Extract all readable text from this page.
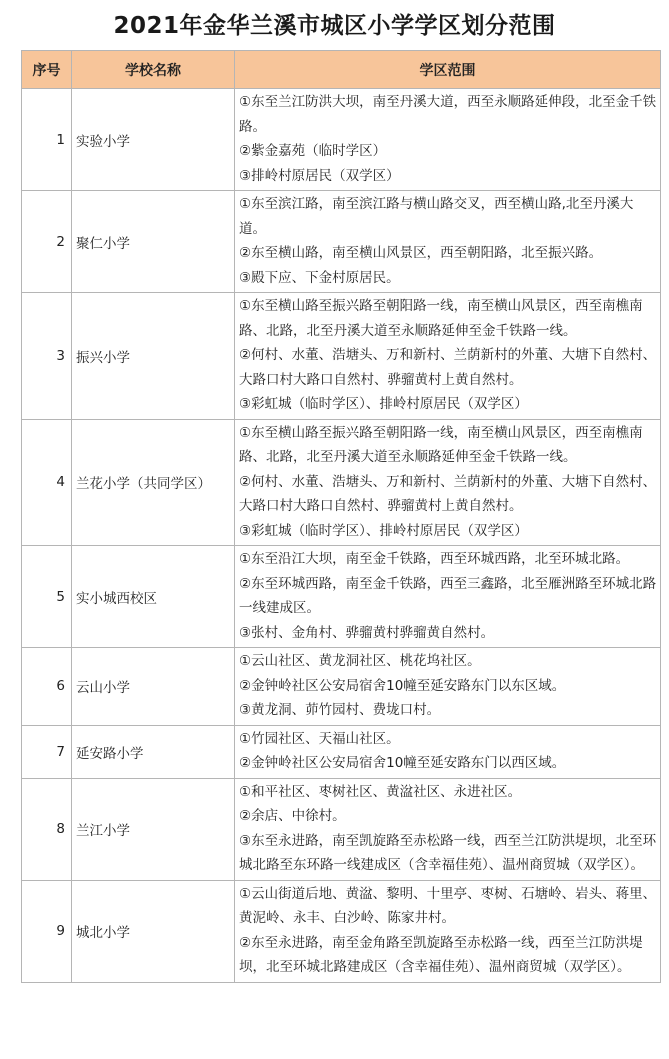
2021年金华兰溪市城区小学学区划分范围
序号	学校名称	学区范围
1	实验小学	①东至兰江防洪大坝，南至丹溪大道，西至永顺路延伸段，北至金千铁路。
②紫金嘉苑（临时学区）
③排岭村原居民（双学区）

2	聚仁小学	①东至滨江路，南至滨江路与横山路交叉，西至横山路,北至丹溪大道。
②东至横山路，南至横山风景区，西至朝阳路，北至振兴路。
③殿下应、下金村原居民。

3	振兴小学	①东至横山路至振兴路至朝阳路一线，南至横山风景区，西至南樵南路、北路，北至丹溪大道至永顺路延伸至金千铁路一线。
②何村、水董、浩塘头、万和新村、兰荫新村的外董、大塘下自然村、大路口村大路口自然村、骅骝黄村上黄自然村。
③彩虹城（临时学区）、排岭村原居民（双学区）

4	兰花小学（共同学区）	①东至横山路至振兴路至朝阳路一线，南至横山风景区，西至南樵南路、北路，北至丹溪大道至永顺路延伸至金千铁路一线。
②何村、水董、浩塘头、万和新村、兰荫新村的外董、大塘下自然村、大路口村大路口自然村、骅骝黄村上黄自然村。
③彩虹城（临时学区）、排岭村原居民（双学区）

5	实小城西校区	①东至沿江大坝，南至金千铁路，西至环城西路，北至环城北路。
②东至环城西路，南至金千铁路，西至三鑫路，北至雁洲路至环城北路一线建成区。
③张村、金角村、骅骝黄村骅骝黄自然村。

6	云山小学	①云山社区、黄龙洞社区、桃花坞社区。
②金钟岭社区公安局宿舍10幢至延安路东门以东区域。
③黄龙洞、茆竹园村、费垅口村。

7	延安路小学	①竹园社区、天福山社区。
②金钟岭社区公安局宿舍10幢至延安路东门以西区域。

8	兰江小学	①和平社区、枣树社区、黄湓社区、永进社区。
②余店、中徐村。
③东至永进路，南至凯旋路至赤松路一线，西至兰江防洪堤坝，北至环城北路至东环路一线建成区（含幸福佳苑）、温州商贸城（双学区）。

9	城北小学	①云山街道后地、黄湓、黎明、十里亭、枣树、石塘岭、岩头、蒋里、黄泥岭、永丰、白沙岭、陈家井村。
②东至永进路，南至金角路至凯旋路至赤松路一线，西至兰江防洪堤坝，北至环城北路建成区（含幸福佳苑）、温州商贸城（双学区）。
